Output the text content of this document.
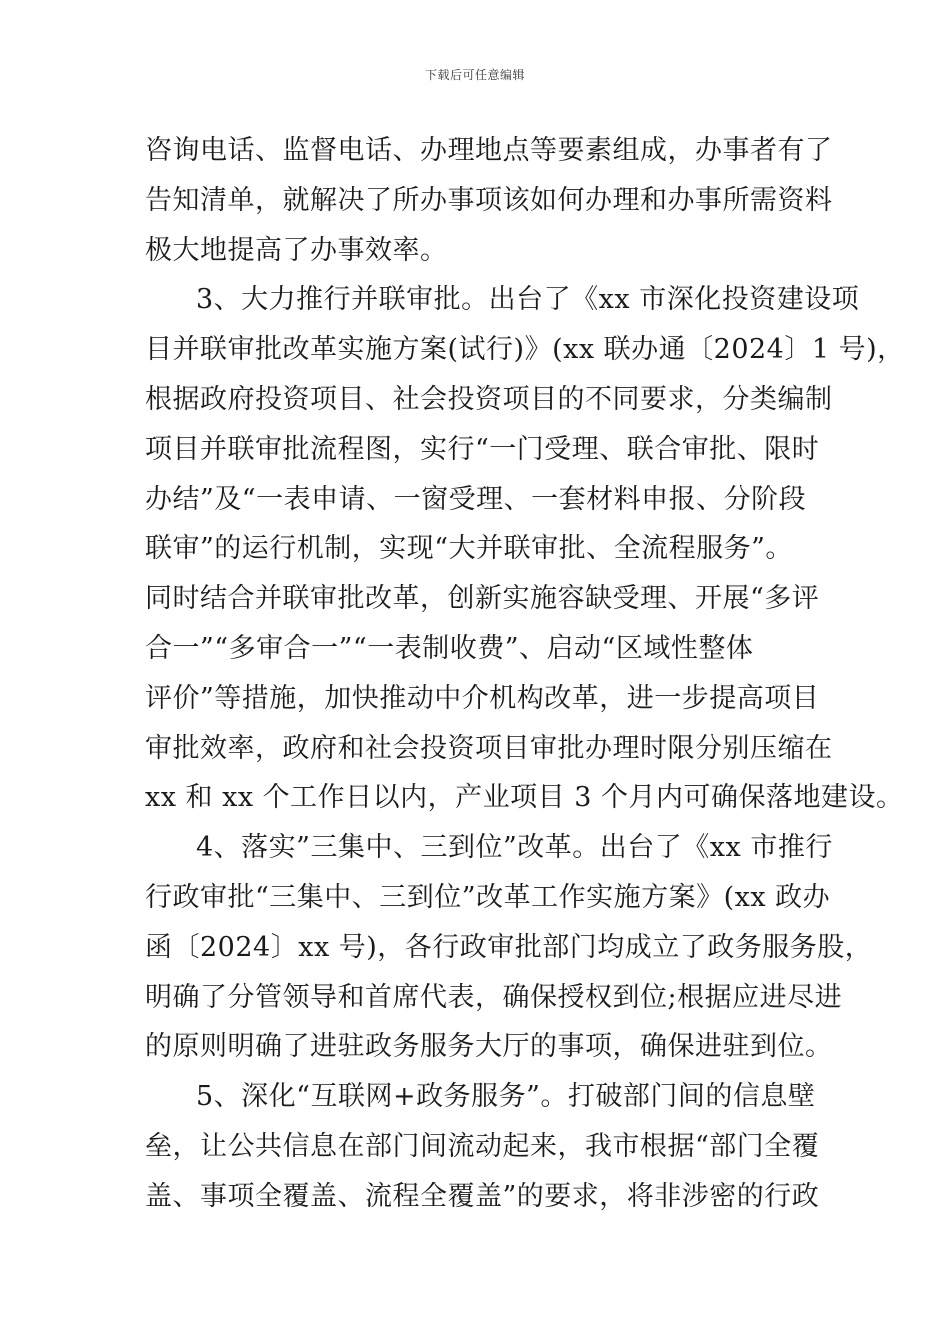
下载后可任意编辑
咨询电话、监督电话、办理地点等要素组成，办事者有了
告知清单，就解决了所办事项该如何办理和办事所需资料
极大地提高了办事效率。
3、大力推行并联审批。出台了《xx 市深化投资建设项
目并联审批改革实施方案(试行)》(xx 联办通〔2024〕1 号)，
根据政府投资项目、社会投资项目的不同要求，分类编制
项目并联审批流程图，实行“一门受理、联合审批、限时
办结”及“一表申请、一窗受理、一套材料申报、分阶段
联审”的运行机制，实现“大并联审批、全流程服务”。
同时结合并联审批改革，创新实施容缺受理、开展“多评
合一”“多审合一”“一表制收费”、启动“区域性整体
评价”等措施，加快推动中介机构改革，进一步提高项目
审批效率，政府和社会投资项目审批办理时限分别压缩在
xx 和 xx 个工作日以内，产业项目 3 个月内可确保落地建设。
4、落实”三集中、三到位”改革。出台了《xx 市推行
行政审批“三集中、三到位”改革工作实施方案》(xx 政办
函〔2024〕xx 号)，各行政审批部门均成立了政务服务股，
明确了分管领导和首席代表，确保授权到位;根据应进尽进
的原则明确了进驻政务服务大厅的事项，确保进驻到位。
5、深化“互联网+政务服务”。打破部门间的信息壁
垒，让公共信息在部门间流动起来，我市根据“部门全覆
盖、事项全覆盖、流程全覆盖”的要求，将非涉密的行政
